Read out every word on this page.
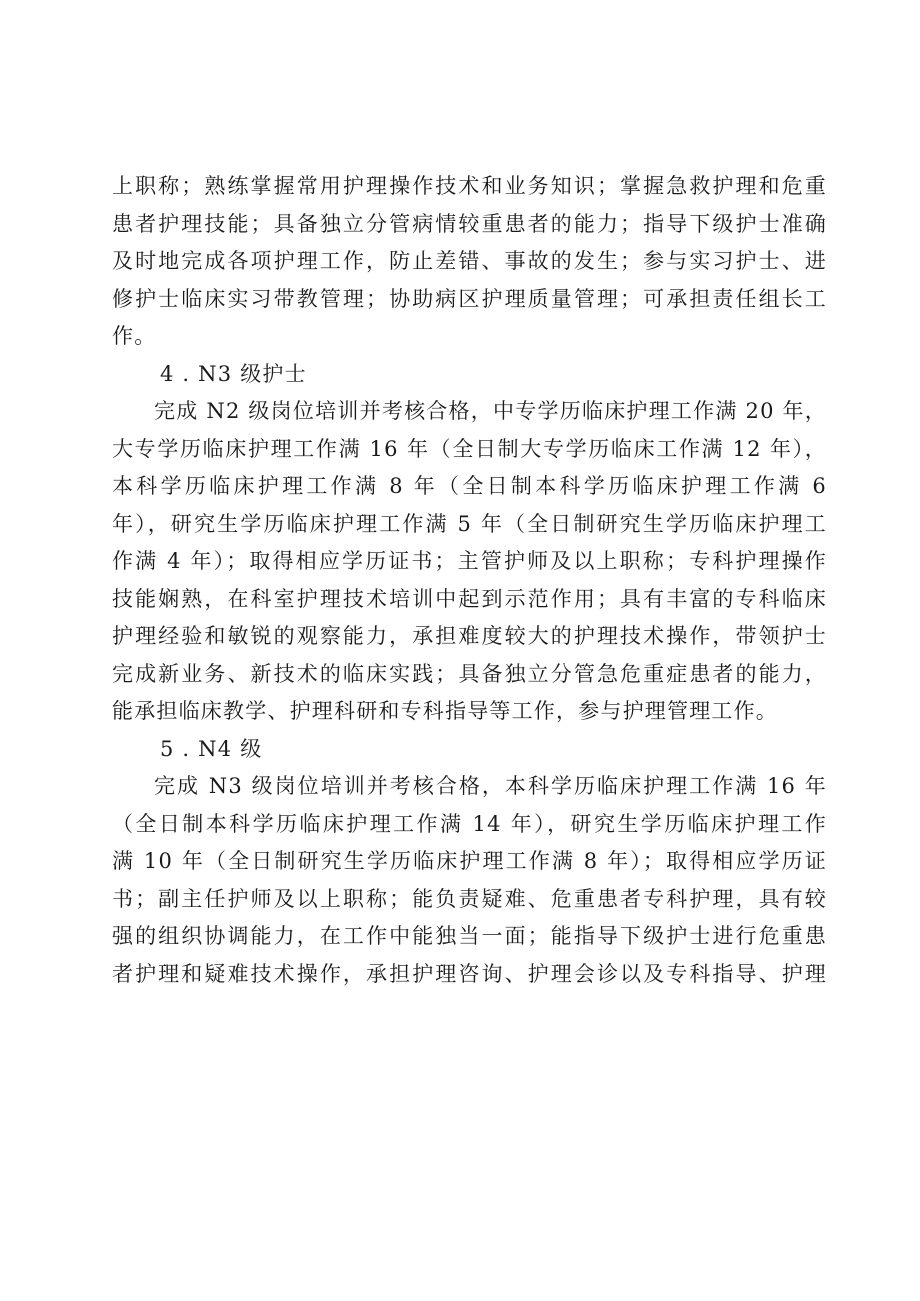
上职称；熟练掌握常用护理操作技术和业务知识；掌握急救护理和危重
患者护理技能；具备独立分管病情较重患者的能力；指导下级护士准确
及时地完成各项护理工作，防止差错、事故的发生；参与实习护士、进
修护士临床实习带教管理；协助病区护理质量管理；可承担责任组长工
作。
4 . N3 级护士
完成 N2 级岗位培训并考核合格，中专学历临床护理工作满 20 年，
大专学历临床护理工作满 16 年（全日制大专学历临床工作满 12 年），
本科学历临床护理工作满 8 年（全日制本科学历临床护理工作满 6
年），研究生学历临床护理工作满 5 年（全日制研究生学历临床护理工
作满 4 年）；取得相应学历证书；主管护师及以上职称；专科护理操作
技能娴熟，在科室护理技术培训中起到示范作用；具有丰富的专科临床
护理经验和敏锐的观察能力，承担难度较大的护理技术操作，带领护士
完成新业务、新技术的临床实践；具备独立分管急危重症患者的能力，
能承担临床教学、护理科研和专科指导等工作，参与护理管理工作。
5 . N4 级
完成 N3 级岗位培训并考核合格，本科学历临床护理工作满 16 年
（全日制本科学历临床护理工作满 14 年），研究生学历临床护理工作
满 10 年（全日制研究生学历临床护理工作满 8 年）；取得相应学历证
书；副主任护师及以上职称；能负责疑难、危重患者专科护理，具有较
强的组织协调能力，在工作中能独当一面；能指导下级护士进行危重患
者护理和疑难技术操作，承担护理咨询、护理会诊以及专科指导、护理
